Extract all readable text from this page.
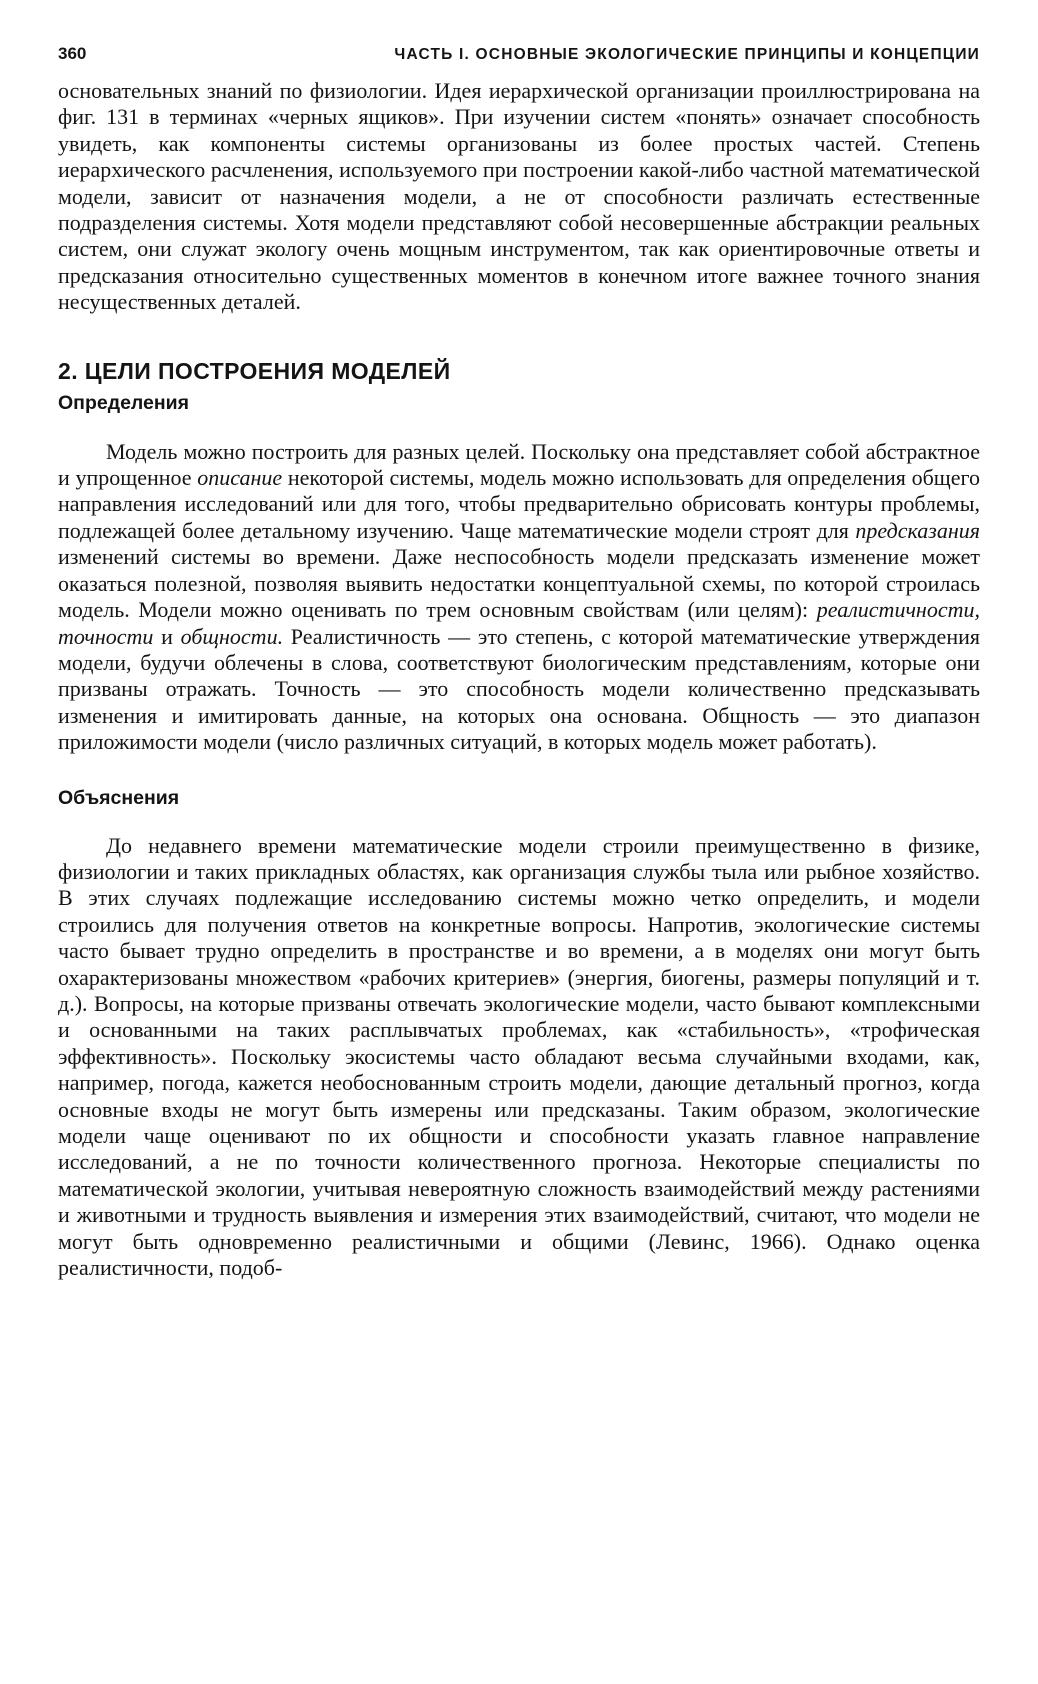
360	ЧАСТЬ I. ОСНОВНЫЕ ЭКОЛОГИЧЕСКИЕ ПРИНЦИПЫ И КОНЦЕПЦИИ

основательных знаний по физиологии. Идея иерархической организации проиллюстрирована на фиг. 131 в терминах «черных ящиков». При изучении систем «понять» означает способность увидеть, как компоненты системы организованы из более простых частей. Степень иерархического расчленения, используемого при построении какой-либо частной математической модели, зависит от назначения модели, а не от способности различать естественные подразделения системы. Хотя модели представляют собой несовершенные абстракции реальных систем, они служат экологу очень мощным инструментом, так как ориентировочные ответы и предсказания относительно существенных моментов в конечном итоге важнее точного знания несущественных деталей.

2. ЦЕЛИ ПОСТРОЕНИЯ МОДЕЛЕЙ
Определения

Модель можно построить для разных целей. Поскольку она представляет собой абстрактное и упрощенное описание некоторой системы, модель можно использовать для определения общего направления исследований или для того, чтобы предварительно обрисовать контуры проблемы, подлежащей более детальному изучению. Чаще математические модели строят для предсказания изменений системы во времени. Даже неспособность модели предсказать изменение может оказаться полезной, позволяя выявить недостатки концептуальной схемы, по которой строилась модель. Модели можно оценивать по трем основным свойствам (или целям): реалистичности, точности и общности. Реалистичность — это степень, с которой математические утверждения модели, будучи облечены в слова, соответствуют биологическим представлениям, которые они призваны отражать. Точность — это способность модели количественно предсказывать изменения и имитировать данные, на которых она основана. Общность — это диапазон приложимости модели (число различных ситуаций, в которых модель может работать).

Объяснения

До недавнего времени математические модели строили преимущественно в физике, физиологии и таких прикладных областях, как организация службы тыла или рыбное хозяйство. В этих случаях подлежащие исследованию системы можно четко определить, и модели строились для получения ответов на конкретные вопросы. Напротив, экологические системы часто бывает трудно определить в пространстве и во времени, а в моделях они могут быть охарактеризованы множеством «рабочих критериев» (энергия, биогены, размеры популяций и т. д.). Вопросы, на которые призваны отвечать экологические модели, часто бывают комплексными и основанными на таких расплывчатых проблемах, как «стабильность», «трофическая эффективность». Поскольку экосистемы часто обладают весьма случайными входами, как, например, погода, кажется необоснованным строить модели, дающие детальный прогноз, когда основные входы не могут быть измерены или предсказаны. Таким образом, экологические модели чаще оценивают по их общности и способности указать главное направление исследований, а не по точности количественного прогноза. Некоторые специалисты по математической экологии, учитывая невероятную сложность взаимодействий между растениями и животными и трудность выявления и измерения этих взаимодействий, считают, что модели не могут быть одновременно реалистичными и общими (Левинс, 1966). Однако оценка реалистичности, подоб-
